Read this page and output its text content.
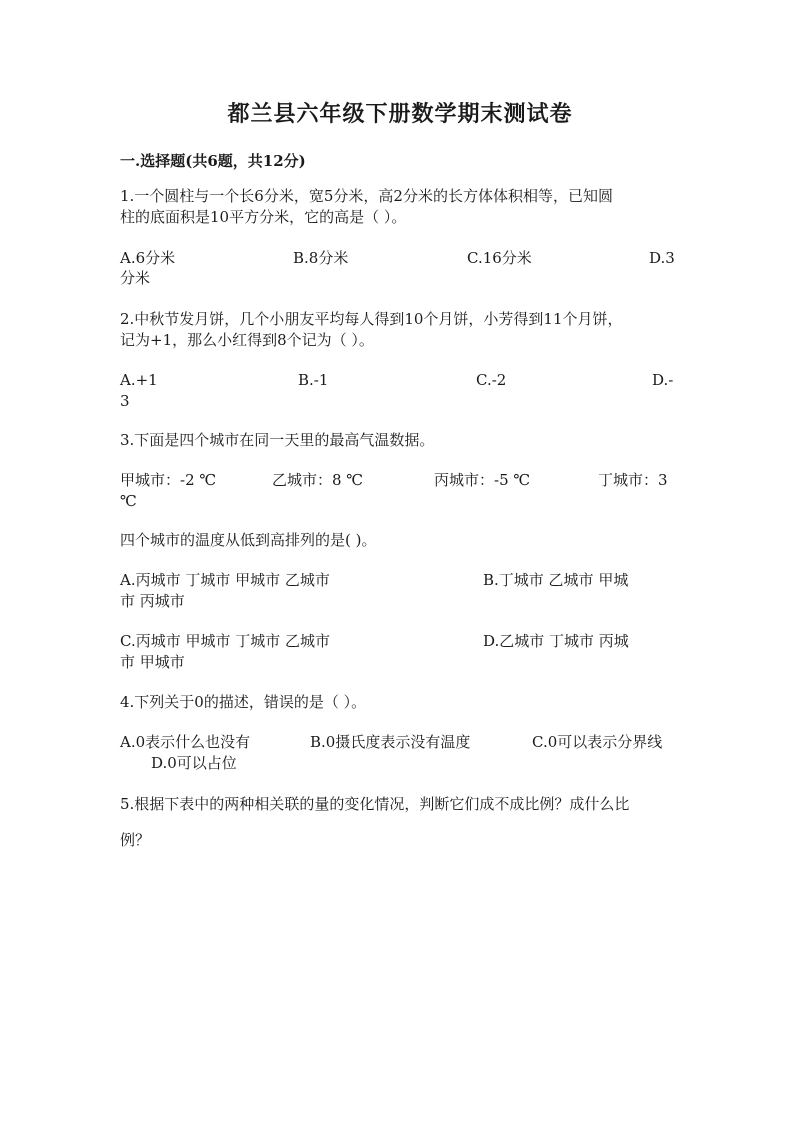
都兰县六年级下册数学期末测试卷
一.选择题(共6题，共12分)
1.一个圆柱与一个长6分米，宽5分米，高2分米的长方体体积相等，已知圆
柱的底面积是10平方分米，它的高是（ ）。
A.6分米	B.8分米	C.16分米	D.3
分米
2.中秋节发月饼，几个小朋友平均每人得到10个月饼，小芳得到11个月饼，
记为+1，那么小红得到8个记为（ ）。
A.+1	B.-1	C.-2	D.-
3
3.下面是四个城市在同一天里的最高气温数据。
甲城市：-2 ℃	乙城市：8 ℃	丙城市：-5 ℃	丁城市：3
℃
四个城市的温度从低到高排列的是( )。
A.丙城市 丁城市 甲城市 乙城市	B.丁城市 乙城市 甲城
市 丙城市
C.丙城市 甲城市 丁城市 乙城市	D.乙城市 丁城市 丙城
市 甲城市
4.下列关于0的描述，错误的是（ ）。
A.0表示什么也没有	B.0摄氏度表示没有温度	C.0可以表示分界线
D.0可以占位
5.根据下表中的两种相关联的量的变化情况，判断它们成不成比例？成什么比
例？
